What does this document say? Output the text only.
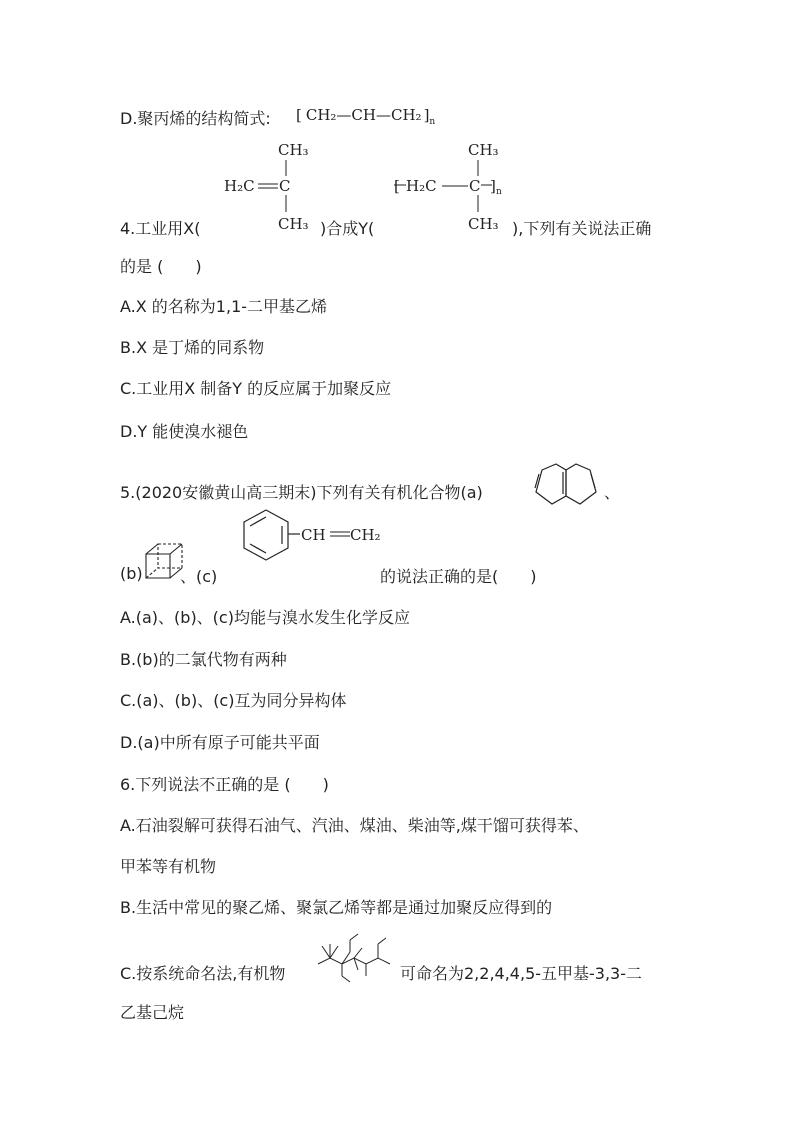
D.聚丙烯的结构简式: [ CH₂—CH—CH₂ ]$_n$
CH₃
H₂C C
CH₃
CH₃
[ H₂C C ] n
CH₃
4.工业用X(	)合成Y(	),下列有关说法正确
的是 (　　)
A.X 的名称为1,1-二甲基乙烯
B.X 是丁烯的同系物
C.工业用X 制备Y 的反应属于加聚反应
D.Y 能使溴水褪色
5.(2020安徽黄山高三期末)下列有关有机化合物(a)	、
(b) 、(c)
CH CH₂
的说法正确的是(　　)
A.(a)、(b)、(c)均能与溴水发生化学反应
B.(b)的二氯代物有两种
C.(a)、(b)、(c)互为同分异构体
D.(a)中所有原子可能共平面
6.下列说法不正确的是 (　　)
A.石油裂解可获得石油气、汽油、煤油、柴油等,煤干馏可获得苯、
甲苯等有机物
B.生活中常见的聚乙烯、聚氯乙烯等都是通过加聚反应得到的
C.按系统命名法,有机物	可命名为2,2,4,4,5-五甲基-3,3-二
乙基己烷
